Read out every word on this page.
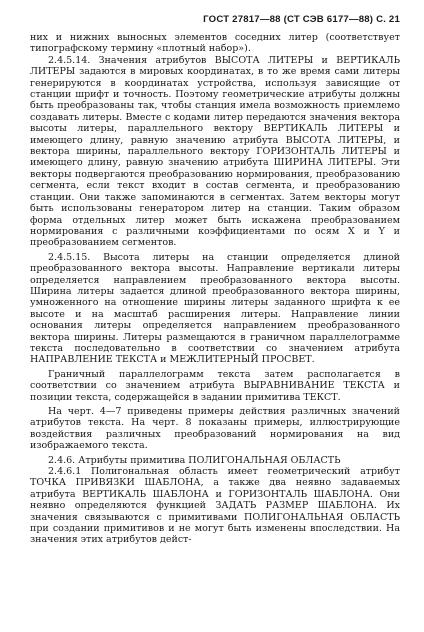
ГОСТ 27817—88 (СТ СЭВ 6177—88) С. 21

них и нижних выносных элементов соседних литер (соответствует типографскому термину «плотный набор»).

2.4.5.14. Значения атрибутов ВЫСОТА ЛИТЕРЫ и ВЕРТИКАЛЬ ЛИТЕРЫ задаются в мировых координатах, в то же время сами литеры генерируются в координатах устройства, используя зависящие от станции шрифт и точность. Поэтому геометрические атрибуты должны быть преобразованы так, чтобы станция имела возможность приемлемо создавать литеры. Вместе с кодами литер передаются значения вектора высоты литеры, параллельного вектору ВЕРТИКАЛЬ ЛИТЕРЫ и имеющего длину, равную значению атрибута ВЫСОТА ЛИТЕРЫ, и вектора ширины, параллельного вектору ГОРИЗОНТАЛЬ ЛИТЕРЫ и имеющего длину, равную значению атрибута ШИРИНА ЛИТЕРЫ. Эти векторы подвергаются преобразованию нормирования, преобразованию сегмента, если текст входит в состав сегмента, и преобразованию станции. Они также запоминаются в сегментах. Затем векторы могут быть использованы генератором литер на станции. Таким образом форма отдельных литер может быть искажена преобразованием нормирования с различными коэффициентами по осям X и Y и преобразованием сегментов.

2.4.5.15. Высота литеры на станции определяется длиной преобразованного вектора высоты. Направление вертикали литеры определяется направлением преобразованного вектора высоты. Ширина литеры задается длиной преобразованного вектора ширины, умноженного на отношение ширины литеры заданного шрифта к ее высоте и на масштаб расширения литеры. Направление линии основания литеры определяется направлением преобразованного вектора ширины. Литеры размещаются в граничном параллелограмме текста последовательно в соответствии со значением атрибута НАПРАВЛЕНИЕ ТЕКСТА и МЕЖЛИТЕРНЫЙ ПРОСВЕТ.

Граничный параллелограмм текста затем располагается в соответствии со значением атрибута ВЫРАВНИВАНИЕ ТЕКСТА и позиции текста, содержащейся в задании примитива ТЕКСТ.

На черт. 4—7 приведены примеры действия различных значений атрибутов текста. На черт. 8 показаны примеры, иллюстрирующие воздействия различных преобразований нормирования на вид изображаемого текста.

2.4.6. Атрибуты примитива ПОЛИГОНАЛЬНАЯ ОБЛАСТЬ

2.4.6.1 Полигональная область имеет геометрический атрибут ТОЧКА ПРИВЯЗКИ ШАБЛОНА, а также два неявно задаваемых атрибута ВЕРТИКАЛЬ ШАБЛОНА и ГОРИЗОНТАЛЬ ШАБЛОНА. Они неявно определяются функцией ЗАДАТЬ РАЗМЕР ШАБЛОНА. Их значения связываются с примитивами ПОЛИГОНАЛЬНАЯ ОБЛАСТЬ при создании примитивов и не могут быть изменены впоследствии. На значения этих атрибутов дейст-
